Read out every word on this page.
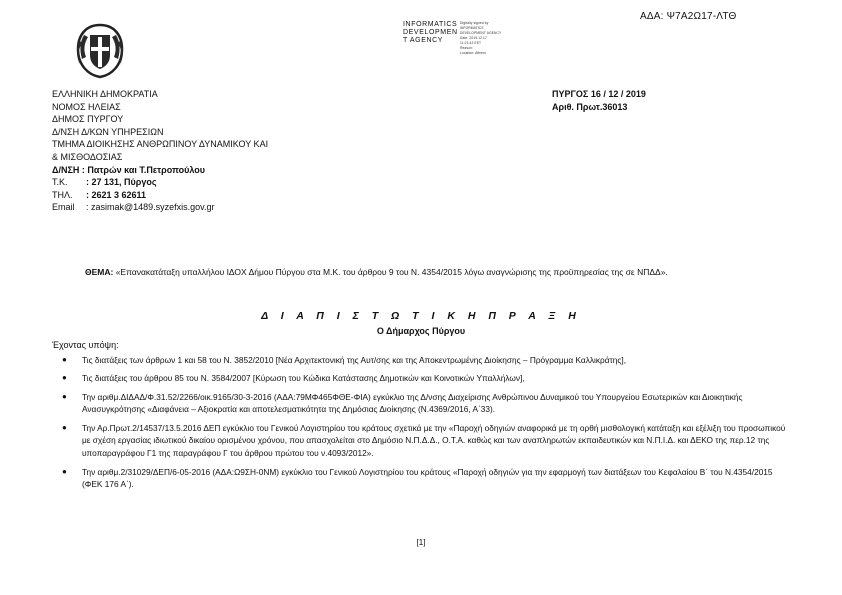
ΑΔΑ: Ψ7Α2Ω17-ΛΤΘ
INFORMATICS
DEVELOPMEN
T AGENCY
Digitally signed by
INFORMATICS
DEVELOPMENT AGENCY
Date: 2019.12.17
11:21:42 EET
Reason:
Location: Athens
ΕΛΛΗΝΙΚΗ ΔΗΜΟΚΡΑΤΙΑ
ΝΟΜΟΣ ΗΛΕΙΑΣ
ΔΗΜΟΣ ΠΥΡΓΟΥ
Δ/ΝΣΗ Δ/ΚΩΝ ΥΠΗΡΕΣΙΩΝ
ΤΜΗΜΑ ΔΙΟΙΚΗΣΗΣ ΑΝΘΡΩΠΙΝΟΥ ΔΥΝΑΜΙΚΟΥ ΚΑΙ
& ΜΙΣΘΟΔΟΣΙΑΣ
Δ/ΝΣΗ : Πατρών και Τ.Πετροπούλου
Τ.Κ.	: 27 131, Πύργος
ΤΗΛ.	: 2621 3 62611
Email	: zasimak@1489.syzefxis.gov.gr
ΠΥΡΓΟΣ 16 / 12 / 2019
Αριθ. Πρωτ.36013
ΘΕΜΑ: «Επανακατάταξη υπαλλήλου ΙΔΟΧ Δήμου Πύργου στα Μ.Κ. του άρθρου 9 του Ν. 4354/2015 λόγω αναγνώρισης της προϋπηρεσίας της σε ΝΠΔΔ».
Δ Ι Α Π Ι Σ Τ Ω Τ Ι Κ Η Π Ρ Α Ξ Η
Ο Δήμαρχος Πύργου
Έχοντας υπόψη:
●	Τις διατάξεις των άρθρων 1 και 58 του Ν. 3852/2010 [Νέα Αρχιτεκτονική της Αυτ/σης και της Αποκεντρωμένης Διοίκησης – Πρόγραμμα Καλλικράτης],
●	Τις διατάξεις του άρθρου 85 του Ν. 3584/2007 [Κύρωση του Κώδικα Κατάστασης Δημοτικών και Κοινοτικών Υπαλλήλων],
●	Την αριθμ.ΔΙΔΑΔ/Φ.31.52/2266/οικ.9165/30-3-2016 (ΑΔΑ:79ΜΦ465ΦΘΕ-ΦΙΑ) εγκύκλιο της Δ/νσης Διαχείρισης Ανθρώπινου Δυναμικού του Υπουργείου Εσωτερικών και Διοικητικής Ανασυγκρότησης «Διαφάνεια – Αξιοκρατία και αποτελεσματικότητα της Δημόσιας Διοίκησης (Ν.4369/2016, Α΄33).
●	Την Αρ.Πρωτ.2/14537/13.5.2016 ΔΕΠ εγκύκλιο του Γενικού Λογιστηρίου του κράτους σχετικά με την «Παροχή οδηγιών αναφορικά με τη ορθή μισθολογική κατάταξη και εξέλιξη του προσωπικού με σχέση εργασίας ιδιωτικού δικαίου ορισμένου χρόνου, που απασχολείται στο Δημόσιο Ν.Π.Δ.Δ., Ο.Τ.Α. καθώς και των αναπληρωτών εκπαιδευτικών και Ν.Π.Ι.Δ. και ΔΕΚΟ της περ.12 της υποπαραγράφου Γ1 της παραγράφου Γ του άρθρου πρώτου του ν.4093/2012».
●	Την αριθμ.2/31029/ΔΕΠ/6-05-2016 (ΑΔΑ:Ω9ΣΗ-0ΝΜ) εγκύκλιο του Γενικού Λογιστηρίου του κράτους «Παροχή οδηγιών για την εφαρμογή των διατάξεων του Κεφαλαίου Β΄ του Ν.4354/2015 (ΦΕΚ 176 Α΄).
[1]
